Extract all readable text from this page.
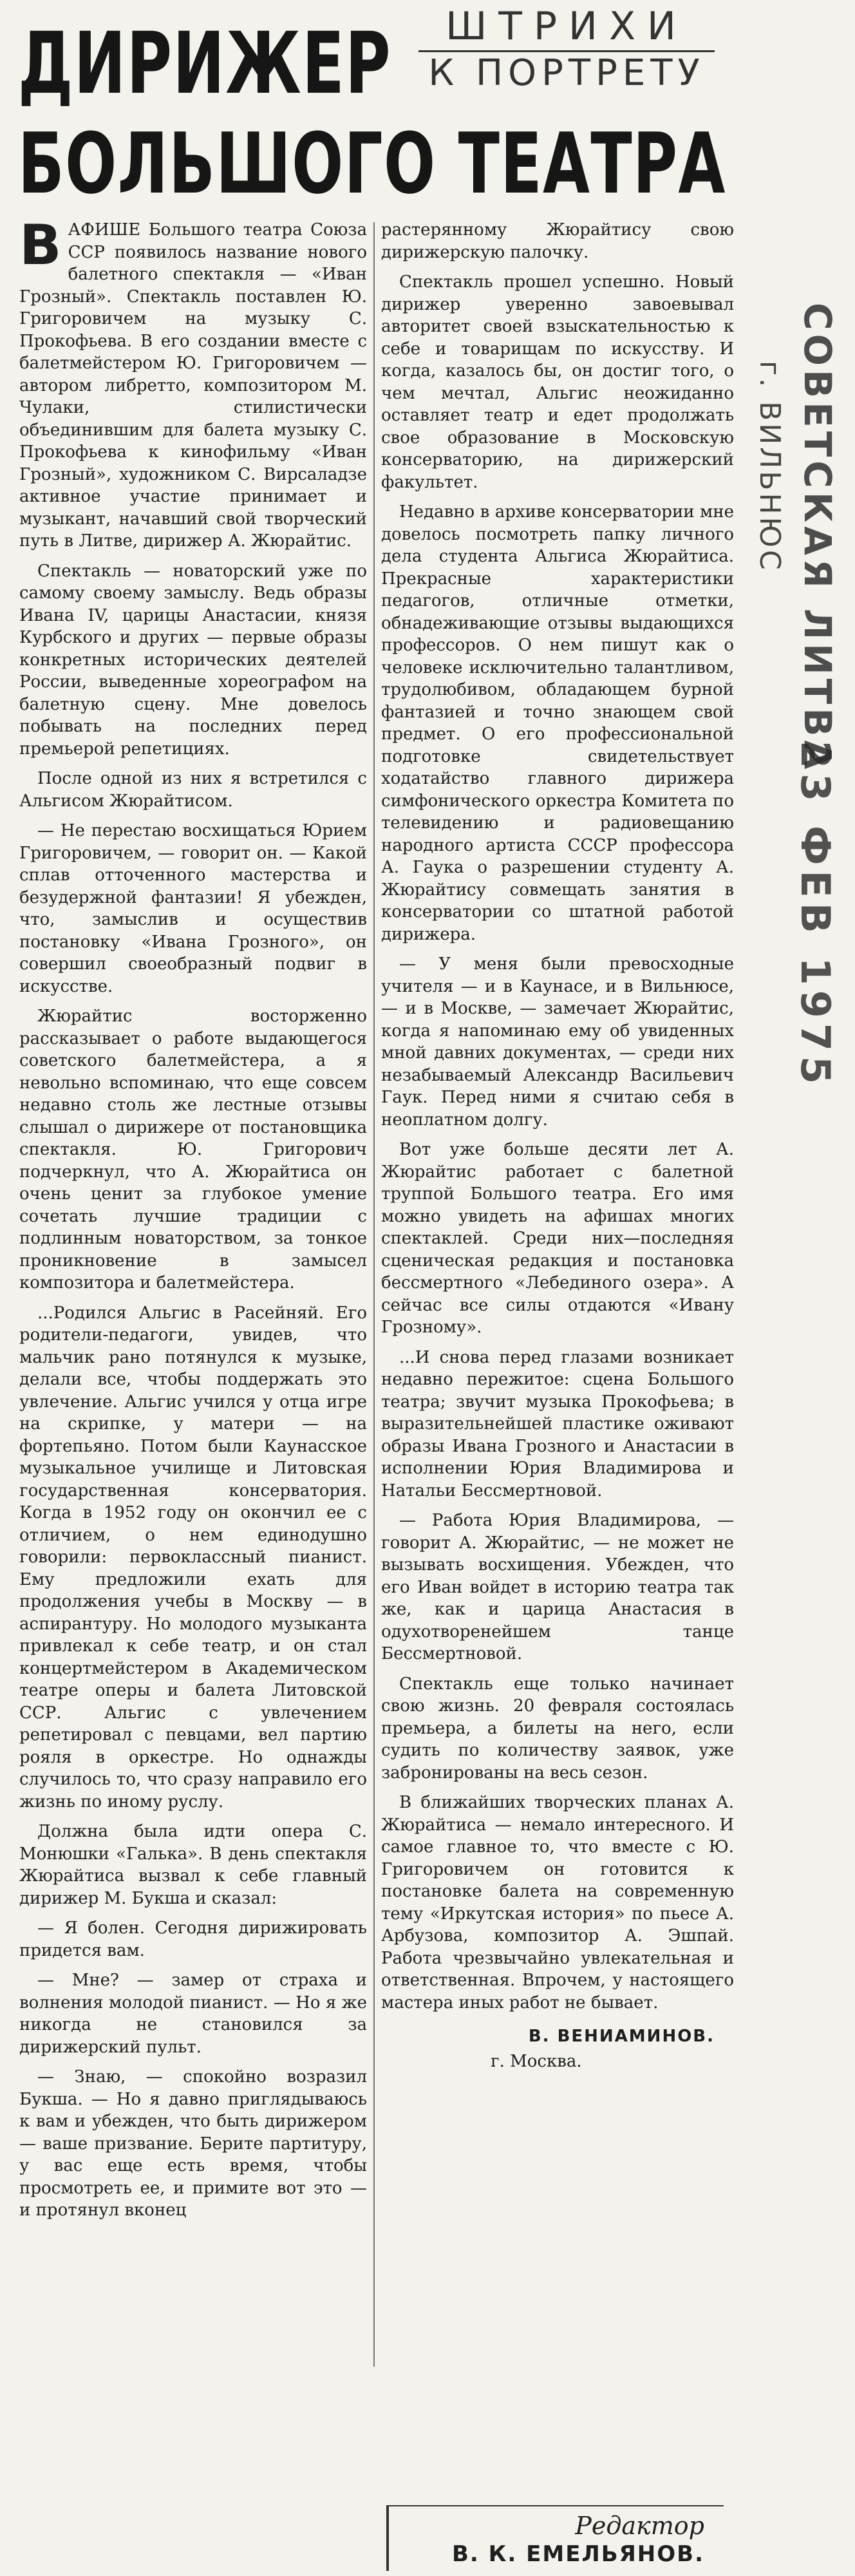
ДИРИЖЕР
БОЛЬШОГО ТЕАТРА
ШТРИХИ
К ПОРТРЕТУ
СОВЕТСКАЯ ЛИТВА
г. ВИЛЬНЮС
23 ФЕВ 1975

ВАФИШЕ Большого театра Союза ССР появилось название нового балетного спектакля — «Иван Грозный». Спектакль поставлен Ю. Григоровичем на музыку С. Прокофьева. В его создании вместе с балетмейстером Ю. Григоровичем — автором либретто, композитором М. Чулаки, стилистически объединившим для балета музыку С. Прокофьева к кинофильму «Иван Грозный», художником С. Вирсаладзе активное участие принимает и музыкант, начавший свой творческий путь в Литве, дирижер А. Жюрайтис.

Спектакль — новаторский уже по самому своему замыслу. Ведь образы Ивана IV, царицы Анастасии, князя Курбского и других — первые образы конкретных исторических деятелей России, выведенные хореографом на балетную сцену. Мне довелось побывать на последних перед премьерой репетициях.

После одной из них я встретился с Альгисом Жюрайтисом.

— Не перестаю восхищаться Юрием Григоровичем, — говорит он. — Какой сплав отточенного мастерства и безудержной фантазии! Я убежден, что, замыслив и осуществив постановку «Ивана Грозного», он совершил своеобразный подвиг в искусстве.

Жюрайтис восторженно рассказывает о работе выдающегося советского балетмейстера, а я невольно вспоминаю, что еще совсем недавно столь же лестные отзывы слышал о дирижере от постановщика спектакля. Ю. Григорович подчеркнул, что А. Жюрайтиса он очень ценит за глубокое умение сочетать лучшие традиции с подлинным новаторством, за тонкое проникновение в замысел композитора и балетмейстера.

...Родился Альгис в Расейняй. Его родители-педагоги, увидев, что мальчик рано потянулся к музыке, делали все, чтобы поддержать это увлечение. Альгис учился у отца игре на скрипке, у матери — на фортепьяно. Потом были Каунасское музыкальное училище и Литовская государственная консерватория. Когда в 1952 году он окончил ее с отличием, о нем единодушно говорили: первоклассный пианист. Ему предложили ехать для продолжения учебы в Москву — в аспирантуру. Но молодого музыканта привлекал к себе театр, и он стал концертмейстером в Академическом театре оперы и балета Литовской ССР. Альгис с увлечением репетировал с певцами, вел партию рояля в оркестре. Но однажды случилось то, что сразу направило его жизнь по иному руслу.

Должна была идти опера С. Монюшки «Галька». В день спектакля Жюрайтиса вызвал к себе главный дирижер М. Букша и сказал:

— Я болен. Сегодня дирижировать придется вам.

— Мне? — замер от страха и волнения молодой пианист. — Но я же никогда не становился за дирижерский пульт.

— Знаю, — спокойно возразил Букша. — Но я давно приглядываюсь к вам и убежден, что быть дирижером — ваше призвание. Берите партитуру, у вас еще есть время, чтобы просмотреть ее, и примите вот это — и протянул вконец

растерянному Жюрайтису свою дирижерскую палочку.

Спектакль прошел успешно. Новый дирижер уверенно завоевывал авторитет своей взыскательностью к себе и товарищам по искусству. И когда, казалось бы, он достиг того, о чем мечтал, Альгис неожиданно оставляет театр и едет продолжать свое образование в Московскую консерваторию, на дирижерский факультет.

Недавно в архиве консерватории мне довелось посмотреть папку личного дела студента Альгиса Жюрайтиса. Прекрасные характеристики педагогов, отличные отметки, обнадеживающие отзывы выдающихся профессоров. О нем пишут как о человеке исключительно талантливом, трудолюбивом, обладающем бурной фантазией и точно знающем свой предмет. О его профессиональной подготовке свидетельствует ходатайство главного дирижера симфонического оркестра Комитета по телевидению и радиовещанию народного артиста СССР профессора А. Гаука о разрешении студенту А. Жюрайтису совмещать занятия в консерватории со штатной работой дирижера.

— У меня были превосходные учителя — и в Каунасе, и в Вильнюсе, — и в Москве, — замечает Жюрайтис, когда я напоминаю ему об увиденных мной давних документах, — среди них незабываемый Александр Васильевич Гаук. Перед ними я считаю себя в неоплатном долгу.

Вот уже больше десяти лет А. Жюрайтис работает с балетной труппой Большого театра. Его имя можно увидеть на афишах многих спектаклей. Среди них—последняя сценическая редакция и постановка бессмертного «Лебединого озера». А сейчас все силы отдаются «Ивану Грозному».

...И снова перед глазами возникает недавно пережитое: сцена Большого театра; звучит музыка Прокофьева; в выразительнейшей пластике оживают образы Ивана Грозного и Анастасии в исполнении Юрия Владимирова и Натальи Бессмертновой.

— Работа Юрия Владимирова, — говорит А. Жюрайтис, — не может не вызывать восхищения. Убежден, что его Иван войдет в историю театра так же, как и царица Анастасия в одухотворенейшем танце Бессмертновой.

Спектакль еще только начинает свою жизнь. 20 февраля состоялась премьера, а билеты на него, если судить по количеству заявок, уже забронированы на весь сезон.

В ближайших творческих планах А. Жюрайтиса — немало интересного. И самое главное то, что вместе с Ю. Григоровичем он готовится к постановке балета на современную тему «Иркутская история» по пьесе А. Арбузова, композитор А. Эшпай. Работа чрезвычайно увлекательная и ответственная. Впрочем, у настоящего мастера иных работ не бывает.

В. ВЕНИАМИНОВ.
г. Москва.
Редактор
В. К. ЕМЕЛЬЯНОВ.
